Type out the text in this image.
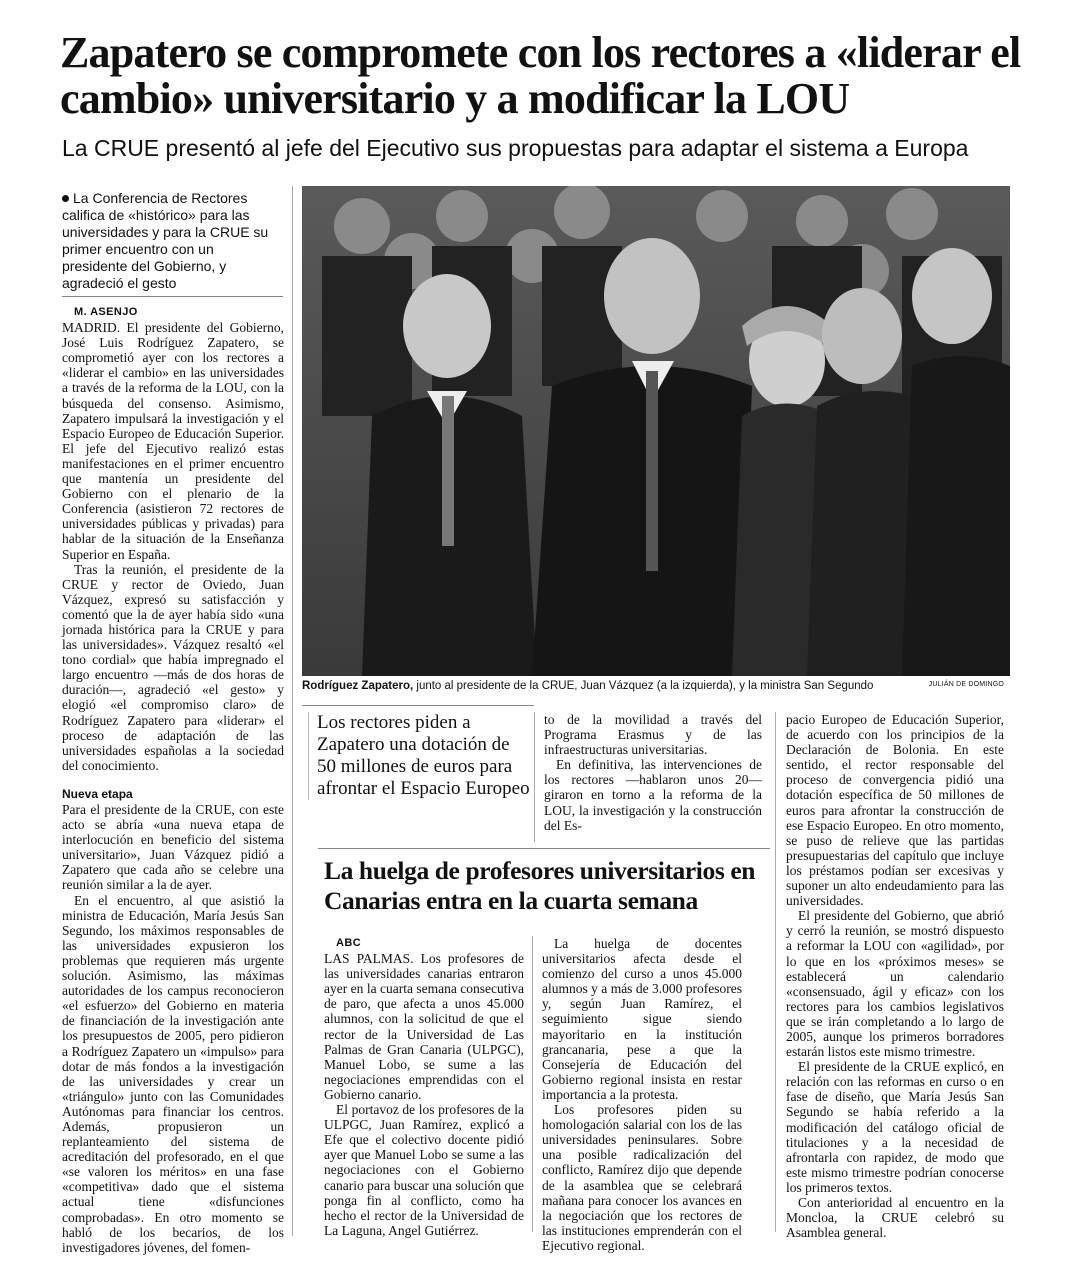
Zapatero se compromete con los rectores a «liderar el cambio» universitario y a modificar la LOU

La CRUE presentó al jefe del Ejecutivo sus propuestas para adaptar el sistema a Europa

La Conferencia de Rectores califica de «histórico» para las universidades y para la CRUE su primer encuentro con un presidente del Gobierno, y agradeció el gesto

M. ASENJO

MADRID. El presidente del Gobierno, José Luis Rodríguez Zapatero, se comprometió ayer con los rectores a «liderar el cambio» en las universidades a través de la reforma de la LOU, con la búsqueda del consenso. Asimismo, Zapatero impulsará la investigación y el Espacio Europeo de Educación Superior. El jefe del Ejecutivo realizó estas manifestaciones en el primer encuentro que mantenía un presidente del Gobierno con el plenario de la Conferencia (asistieron 72 rectores de universidades públicas y privadas) para hablar de la situación de la Enseñanza Superior en España.

Tras la reunión, el presidente de la CRUE y rector de Oviedo, Juan Vázquez, expresó su satisfacción y comentó que la de ayer había sido «una jornada histórica para la CRUE y para las universidades». Vázquez resaltó «el tono cordial» que había impregnado el largo encuentro —más de dos horas de duración—, agradeció «el gesto» y elogió «el compromiso claro» de Rodríguez Zapatero para «liderar» el proceso de adaptación de las universidades españolas a la sociedad del conocimiento.

Nueva etapa

Para el presidente de la CRUE, con este acto se abría «una nueva etapa de interlocución en beneficio del sistema universitario», Juan Vázquez pidió a Zapatero que cada año se celebre una reunión similar a la de ayer.

En el encuentro, al que asistió la ministra de Educación, María Jesús San Segundo, los máximos responsables de las universidades expusieron los problemas que requieren más urgente solución. Asimismo, las máximas autoridades de los campus reconocieron «el esfuerzo» del Gobierno en materia de financiación de la investigación ante los presupuestos de 2005, pero pidieron a Rodríguez Zapatero un «impulso» para dotar de más fondos a la investigación de las universidades y crear un «triángulo» junto con las Comunidades Autónomas para financiar los centros. Además, propusieron un replanteamiento del sistema de acreditación del profesorado, en el que «se valoren los méritos» en una fase «competitiva» dado que el sistema actual tiene «disfunciones comprobadas». En otro momento se habló de los becarios, de los investigadores jóvenes, del fomen-

Rodríguez Zapatero, junto al presidente de la CRUE, Juan Vázquez (a la izquierda), y la ministra San Segundo	JULIÁN DE DOMINGO
Los rectores piden a Zapatero una dotación de 50 millones de euros para afrontar el Espacio Europeo

to de la movilidad a través del Programa Erasmus y de las infraestructuras universitarias.

En definitiva, las intervenciones de los rectores —hablaron unos 20— giraron en torno a la reforma de la LOU, la investigación y la construcción del Es-

pacio Europeo de Educación Superior, de acuerdo con los principios de la Declaración de Bolonia. En este sentido, el rector responsable del proceso de convergencia pidió una dotación específica de 50 millones de euros para afrontar la construcción de ese Espacio Europeo. En otro momento, se puso de relieve que las partidas presupuestarias del capítulo que incluye los préstamos podían ser excesivas y suponer un alto endeudamiento para las universidades.

El presidente del Gobierno, que abrió y cerró la reunión, se mostró dispuesto a reformar la LOU con «agilidad», por lo que en los «próximos meses» se establecerá un calendario «consensuado, ágil y eficaz» con los rectores para los cambios legislativos que se irán completando a lo largo de 2005, aunque los primeros borradores estarán listos este mismo trimestre.

El presidente de la CRUE explicó, en relación con las reformas en curso o en fase de diseño, que María Jesús San Segundo se había referido a la modificación del catálogo oficial de titulaciones y a la necesidad de afrontarla con rapidez, de modo que este mismo trimestre podrían conocerse los primeros textos.

Con anterioridad al encuentro en la Moncloa, la CRUE celebró su Asamblea general.

La huelga de profesores universitarios en Canarias entra en la cuarta semana

ABC

LAS PALMAS. Los profesores de las universidades canarias entraron ayer en la cuarta semana consecutiva de paro, que afecta a unos 45.000 alumnos, con la solicitud de que el rector de la Universidad de Las Palmas de Gran Canaria (ULPGC), Manuel Lobo, se sume a las negociaciones emprendidas con el Gobierno canario.

El portavoz de los profesores de la ULPGC, Juan Ramírez, explicó a Efe que el colectivo docente pidió ayer que Manuel Lobo se sume a las negociaciones con el Gobierno canario para buscar una solución que ponga fin al conflicto, como ha hecho el rector de la Universidad de La Laguna, Angel Gutiérrez.

La huelga de docentes universitarios afecta desde el comienzo del curso a unos 45.000 alumnos y a más de 3.000 profesores y, según Juan Ramírez, el seguimiento sigue siendo mayoritario en la institución grancanaria, pese a que la Consejería de Educación del Gobierno regional insista en restar importancia a la protesta.

Los profesores piden su homologación salarial con los de las universidades peninsulares. Sobre una posible radicalización del conflicto, Ramírez dijo que depende de la asamblea que se celebrará mañana para conocer los avances en la negociación que los rectores de las instituciones emprenderán con el Ejecutivo regional.
